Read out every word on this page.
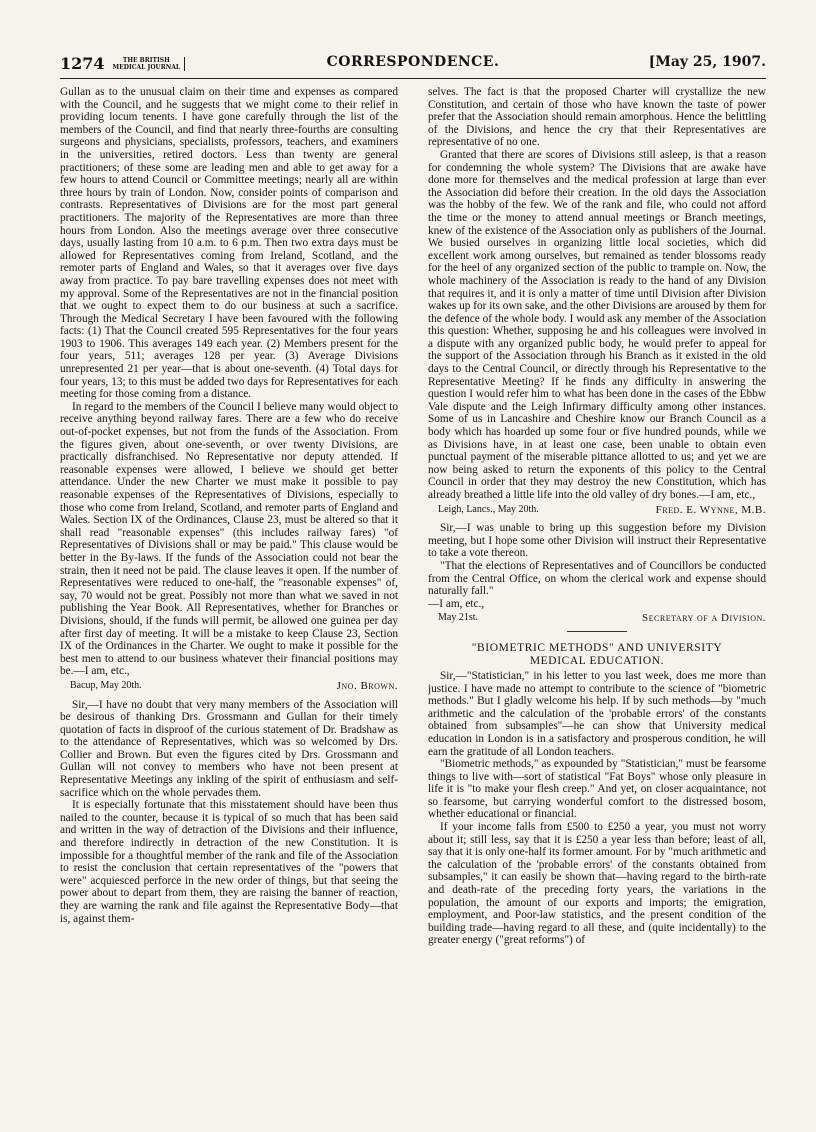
1274	THE BRITISH
MEDICAL JOURNAL	CORRESPONDENCE.	[May 25, 1907.

Gullan as to the unusual claim on their time and expenses as compared with the Council, and he suggests that we might come to their relief in providing locum tenents. I have gone carefully through the list of the members of the Council, and find that nearly three-fourths are consulting surgeons and physicians, specialists, professors, teachers, and examiners in the universities, retired doctors. Less than twenty are general practitioners; of these some are leading men and able to get away for a few hours to attend Council or Committee meetings; nearly all are within three hours by train of London. Now, consider points of comparison and contrasts. Representatives of Divisions are for the most part general practitioners. The majority of the Representatives are more than three hours from London. Also the meetings average over three consecutive days, usually lasting from 10 a.m. to 6 p.m. Then two extra days must be allowed for Representatives coming from Ireland, Scotland, and the remoter parts of England and Wales, so that it averages over five days away from practice. To pay bare travelling expenses does not meet with my approval. Some of the Representatives are not in the financial position that we ought to expect them to do our business at such a sacrifice. Through the Medical Secretary I have been favoured with the following facts: (1) That the Council created 595 Representatives for the four years 1903 to 1906. This averages 149 each year. (2) Members present for the four years, 511; averages 128 per year. (3) Average Divisions unrepresented 21 per year—that is about one-seventh. (4) Total days for four years, 13; to this must be added two days for Representatives for each meeting for those coming from a distance.

In regard to the members of the Council I believe many would object to receive anything beyond railway fares. There are a few who do receive out-of-pocket expenses, but not from the funds of the Association. From the figures given, about one-seventh, or over twenty Divisions, are practically disfranchised. No Representative nor deputy attended. If reasonable expenses were allowed, I believe we should get better attendance. Under the new Charter we must make it possible to pay reasonable expenses of the Representatives of Divisions, especially to those who come from Ireland, Scotland, and remoter parts of England and Wales. Section IX of the Ordinances, Clause 23, must be altered so that it shall read "reasonable expenses" (this includes railway fares) "of Representatives of Divisions shall or may be paid." This clause would be better in the By-laws. If the funds of the Association could not bear the strain, then it need not be paid. The clause leaves it open. If the number of Representatives were reduced to one-half, the "reasonable expenses" of, say, 70 would not be great. Possibly not more than what we saved in not publishing the Year Book. All Representatives, whether for Branches or Divisions, should, if the funds will permit, be allowed one guinea per day after first day of meeting. It will be a mistake to keep Clause 23, Section IX of the Ordinances in the Charter. We ought to make it possible for the best men to attend to our business whatever their financial positions may be.—I am, etc.,

Bacup, May 20th.	Jno. Brown.

Sir,—I have no doubt that very many members of the Association will be desirous of thanking Drs. Grossmann and Gullan for their timely quotation of facts in disproof of the curious statement of Dr. Bradshaw as to the attendance of Representatives, which was so welcomed by Drs. Collier and Brown. But even the figures cited by Drs. Grossmann and Gullan will not convey to members who have not been present at Representative Meetings any inkling of the spirit of enthusiasm and self-sacrifice which on the whole pervades them.

It is especially fortunate that this misstatement should have been thus nailed to the counter, because it is typical of so much that has been said and written in the way of detraction of the Divisions and their influence, and therefore indirectly in detraction of the new Constitution. It is impossible for a thoughtful member of the rank and file of the Association to resist the conclusion that certain representatives of the "powers that were" acquiesced perforce in the new order of things, but that seeing the power about to depart from them, they are raising the banner of reaction, they are warning the rank and file against the Representative Body—that is, against them-

selves. The fact is that the proposed Charter will crystallize the new Constitution, and certain of those who have known the taste of power prefer that the Association should remain amorphous. Hence the belittling of the Divisions, and hence the cry that their Representatives are representative of no one.

Granted that there are scores of Divisions still asleep, is that a reason for condemning the whole system? The Divisions that are awake have done more for themselves and the medical profession at large than ever the Association did before their creation. In the old days the Association was the hobby of the few. We of the rank and file, who could not afford the time or the money to attend annual meetings or Branch meetings, knew of the existence of the Association only as publishers of the Journal. We busied ourselves in organizing little local societies, which did excellent work among ourselves, but remained as tender blossoms ready for the heel of any organized section of the public to trample on. Now, the whole machinery of the Association is ready to the hand of any Division that requires it, and it is only a matter of time until Division after Division wakes up for its own sake, and the other Divisions are aroused by them for the defence of the whole body. I would ask any member of the Association this question: Whether, supposing he and his colleagues were involved in a dispute with any organized public body, he would prefer to appeal for the support of the Association through his Branch as it existed in the old days to the Central Council, or directly through his Representative to the Representative Meeting? If he finds any difficulty in answering the question I would refer him to what has been done in the cases of the Ebbw Vale dispute and the Leigh Infirmary difficulty among other instances. Some of us in Lancashire and Cheshire know our Branch Council as a body which has hoarded up some four or five hundred pounds, while we as Divisions have, in at least one case, been unable to obtain even punctual payment of the miserable pittance allotted to us; and yet we are now being asked to return the exponents of this policy to the Central Council in order that they may destroy the new Constitution, which has already breathed a little life into the old valley of dry bones.—I am, etc.,

Leigh, Lancs., May 20th.	Fred. E. Wynne, M.B.

Sir,—I was unable to bring up this suggestion before my Division meeting, but I hope some other Division will instruct their Representative to take a vote thereon.

"That the elections of Representatives and of Councillors be conducted from the Central Office, on whom the clerical work and expense should naturally fall."

—I am, etc.,

May 21st.	Secretary of a Division.
"BIOMETRIC METHODS" AND UNIVERSITY
MEDICAL EDUCATION.

Sir,—"Statistician," in his letter to you last week, does me more than justice. I have made no attempt to contribute to the science of "biometric methods." But I gladly welcome his help. If by such methods—by "much arithmetic and the calculation of the 'probable errors' of the constants obtained from subsamples"—he can show that University medical education in London is in a satisfactory and prosperous condition, he will earn the gratitude of all London teachers.

"Biometric methods," as expounded by "Statistician," must be fearsome things to live with—sort of statistical "Fat Boys" whose only pleasure in life it is "to make your flesh creep." And yet, on closer acquaintance, not so fearsome, but carrying wonderful comfort to the distressed bosom, whether educational or financial.

If your income falls from £500 to £250 a year, you must not worry about it; still less, say that it is £250 a year less than before; least of all, say that it is only one-half its former amount. For by "much arithmetic and the calculation of the 'probable errors' of the constants obtained from subsamples," it can easily be shown that—having regard to the birth-rate and death-rate of the preceding forty years, the variations in the population, the amount of our exports and imports; the emigration, employment, and Poor-law statistics, and the present condition of the building trade—having regard to all these, and (quite incidentally) to the greater energy ("great reforms") of
